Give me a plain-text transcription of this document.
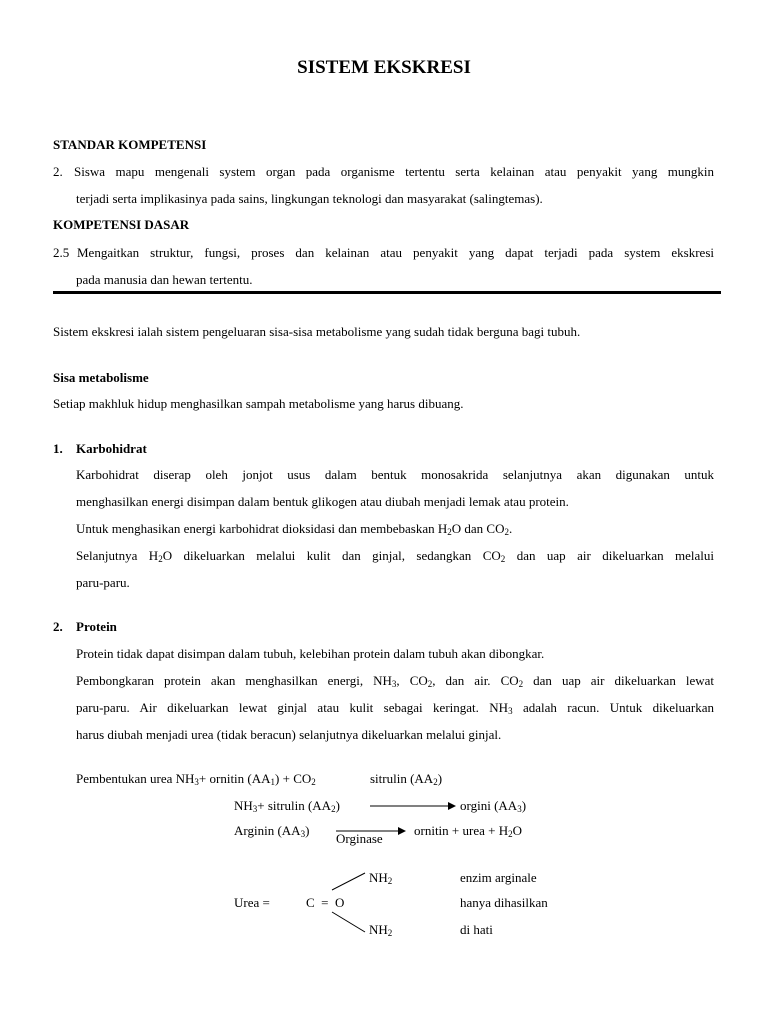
SISTEM EKSKRESI
STANDAR KOMPETENSI
2. Siswa mapu mengenali system organ pada organisme tertentu serta kelainan atau penyakit yang mungkin
terjadi serta implikasinya pada sains, lingkungan teknologi dan masyarakat (salingtemas).
KOMPETENSI DASAR
2.5 Mengaitkan struktur, fungsi, proses dan kelainan atau penyakit yang dapat terjadi pada system ekskresi
pada manusia dan hewan tertentu.
Sistem ekskresi ialah sistem pengeluaran sisa-sisa metabolisme yang sudah tidak berguna bagi tubuh.
Sisa metabolisme
Setiap makhluk hidup menghasilkan sampah metabolisme yang harus dibuang.
1. Karbohidrat
Karbohidrat diserap oleh jonjot usus dalam bentuk monosakrida selanjutnya akan digunakan untuk
menghasilkan energi disimpan dalam bentuk glikogen atau diubah menjadi lemak atau protein.
Untuk menghasikan energi karbohidrat dioksidasi dan membebaskan $H_2O$ dan $CO_2$.
Selanjutnya $H_2O$ dikeluarkan melalui kulit dan ginjal, sedangkan $CO_2$ dan uap air dikeluarkan melalui
paru-paru.
2. Protein
Protein tidak dapat disimpan dalam tubuh, kelebihan protein dalam tubuh akan dibongkar.
Pembongkaran protein akan menghasilkan energi, $NH_3$, $CO_2$, dan air. $CO_2$ dan uap air dikeluarkan lewat
paru-paru. Air dikeluarkan lewat ginjal atau kulit sebagai keringat. $NH_3$ adalah racun. Untuk dikeluarkan
harus diubah menjadi urea (tidak beracun) selanjutnya dikeluarkan melalui ginjal.
Pembentukan urea $NH_3+$ ornitin $(AA_1) + CO_2$	sitrulin $(AA_2)$
$NH_3+$ sitrulin $(AA_2)$	orgini $(AA_3)$
Arginin $(AA_3)$
Orginase
ornitin + urea + $H_2O$
$NH_2$
Urea =	C  =  O
$NH_2$
enzim arginale
hanya dihasilkan
di hati
